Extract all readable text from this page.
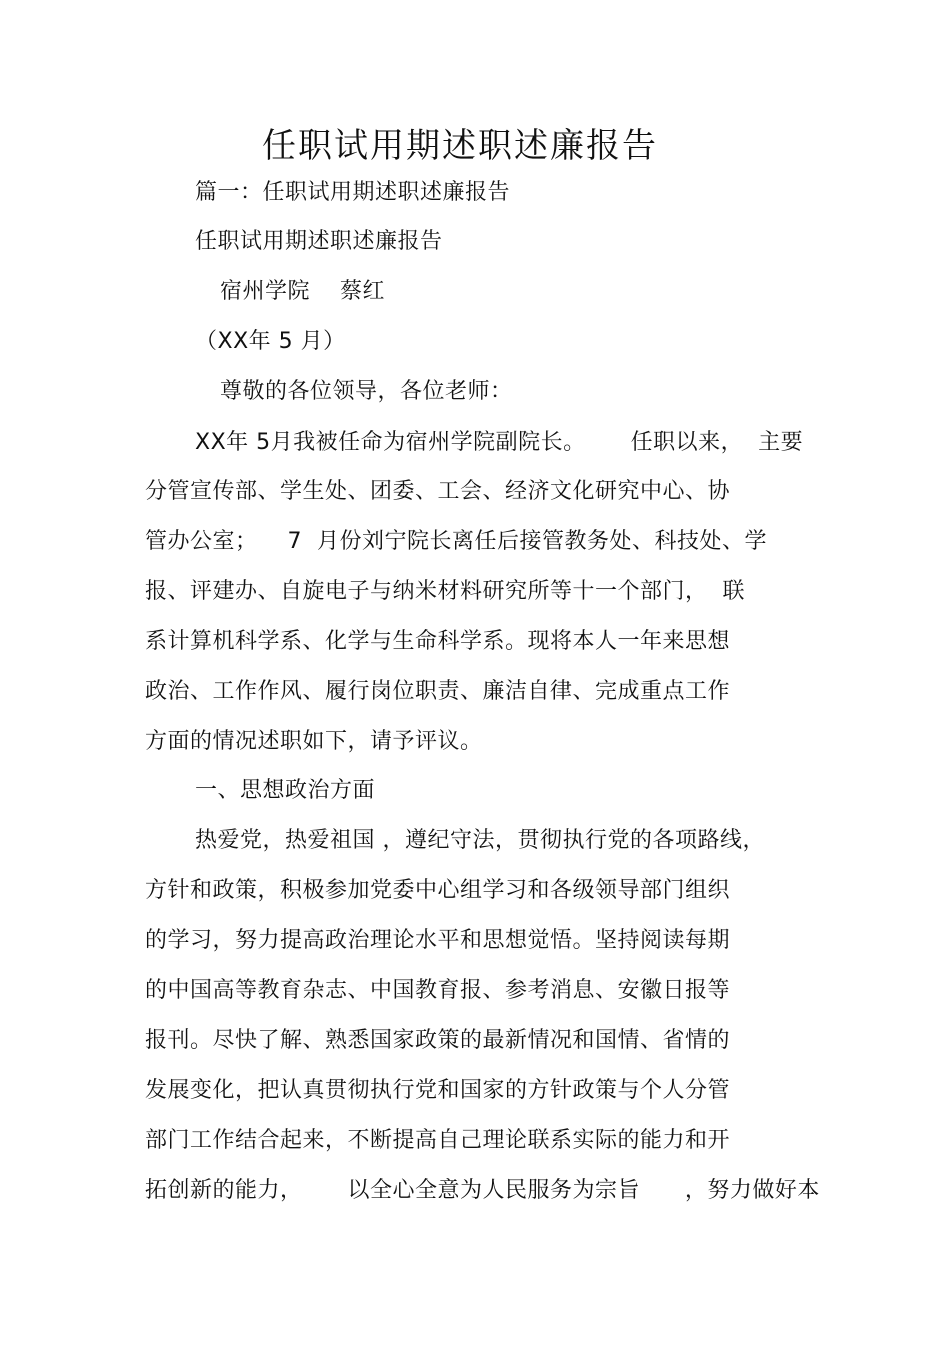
任职试用期述职述廉报告
篇一：任职试用期述职述廉报告
任职试用期述职述廉报告
宿州学院    蔡红
（XX年 5 月）
尊敬的各位领导，各位老师：
XX年 5月我被任命为宿州学院副院长。      任职以来，  主要
分管宣传部、学生处、团委、工会、经济文化研究中心、协
管办公室；    7  月份刘宁院长离任后接管教务处、科技处、学
报、评建办、自旋电子与纳米材料研究所等十一个部门，  联
系计算机科学系、化学与生命科学系。现将本人一年来思想
政治、工作作风、履行岗位职责、廉洁自律、完成重点工作
方面的情况述职如下，请予评议。
一、思想政治方面
热爱党，热爱祖国 ，遵纪守法，贯彻执行党的各项路线，
方针和政策，积极参加党委中心组学习和各级领导部门组织
的学习，努力提高政治理论水平和思想觉悟。坚持阅读每期
的中国高等教育杂志、中国教育报、参考消息、安徽日报等
报刊。尽快了解、熟悉国家政策的最新情况和国情、省情的
发展变化，把认真贯彻执行党和国家的方针政策与个人分管
部门工作结合起来，不断提高自己理论联系实际的能力和开
拓创新的能力，      以全心全意为人民服务为宗旨      ，努力做好本
